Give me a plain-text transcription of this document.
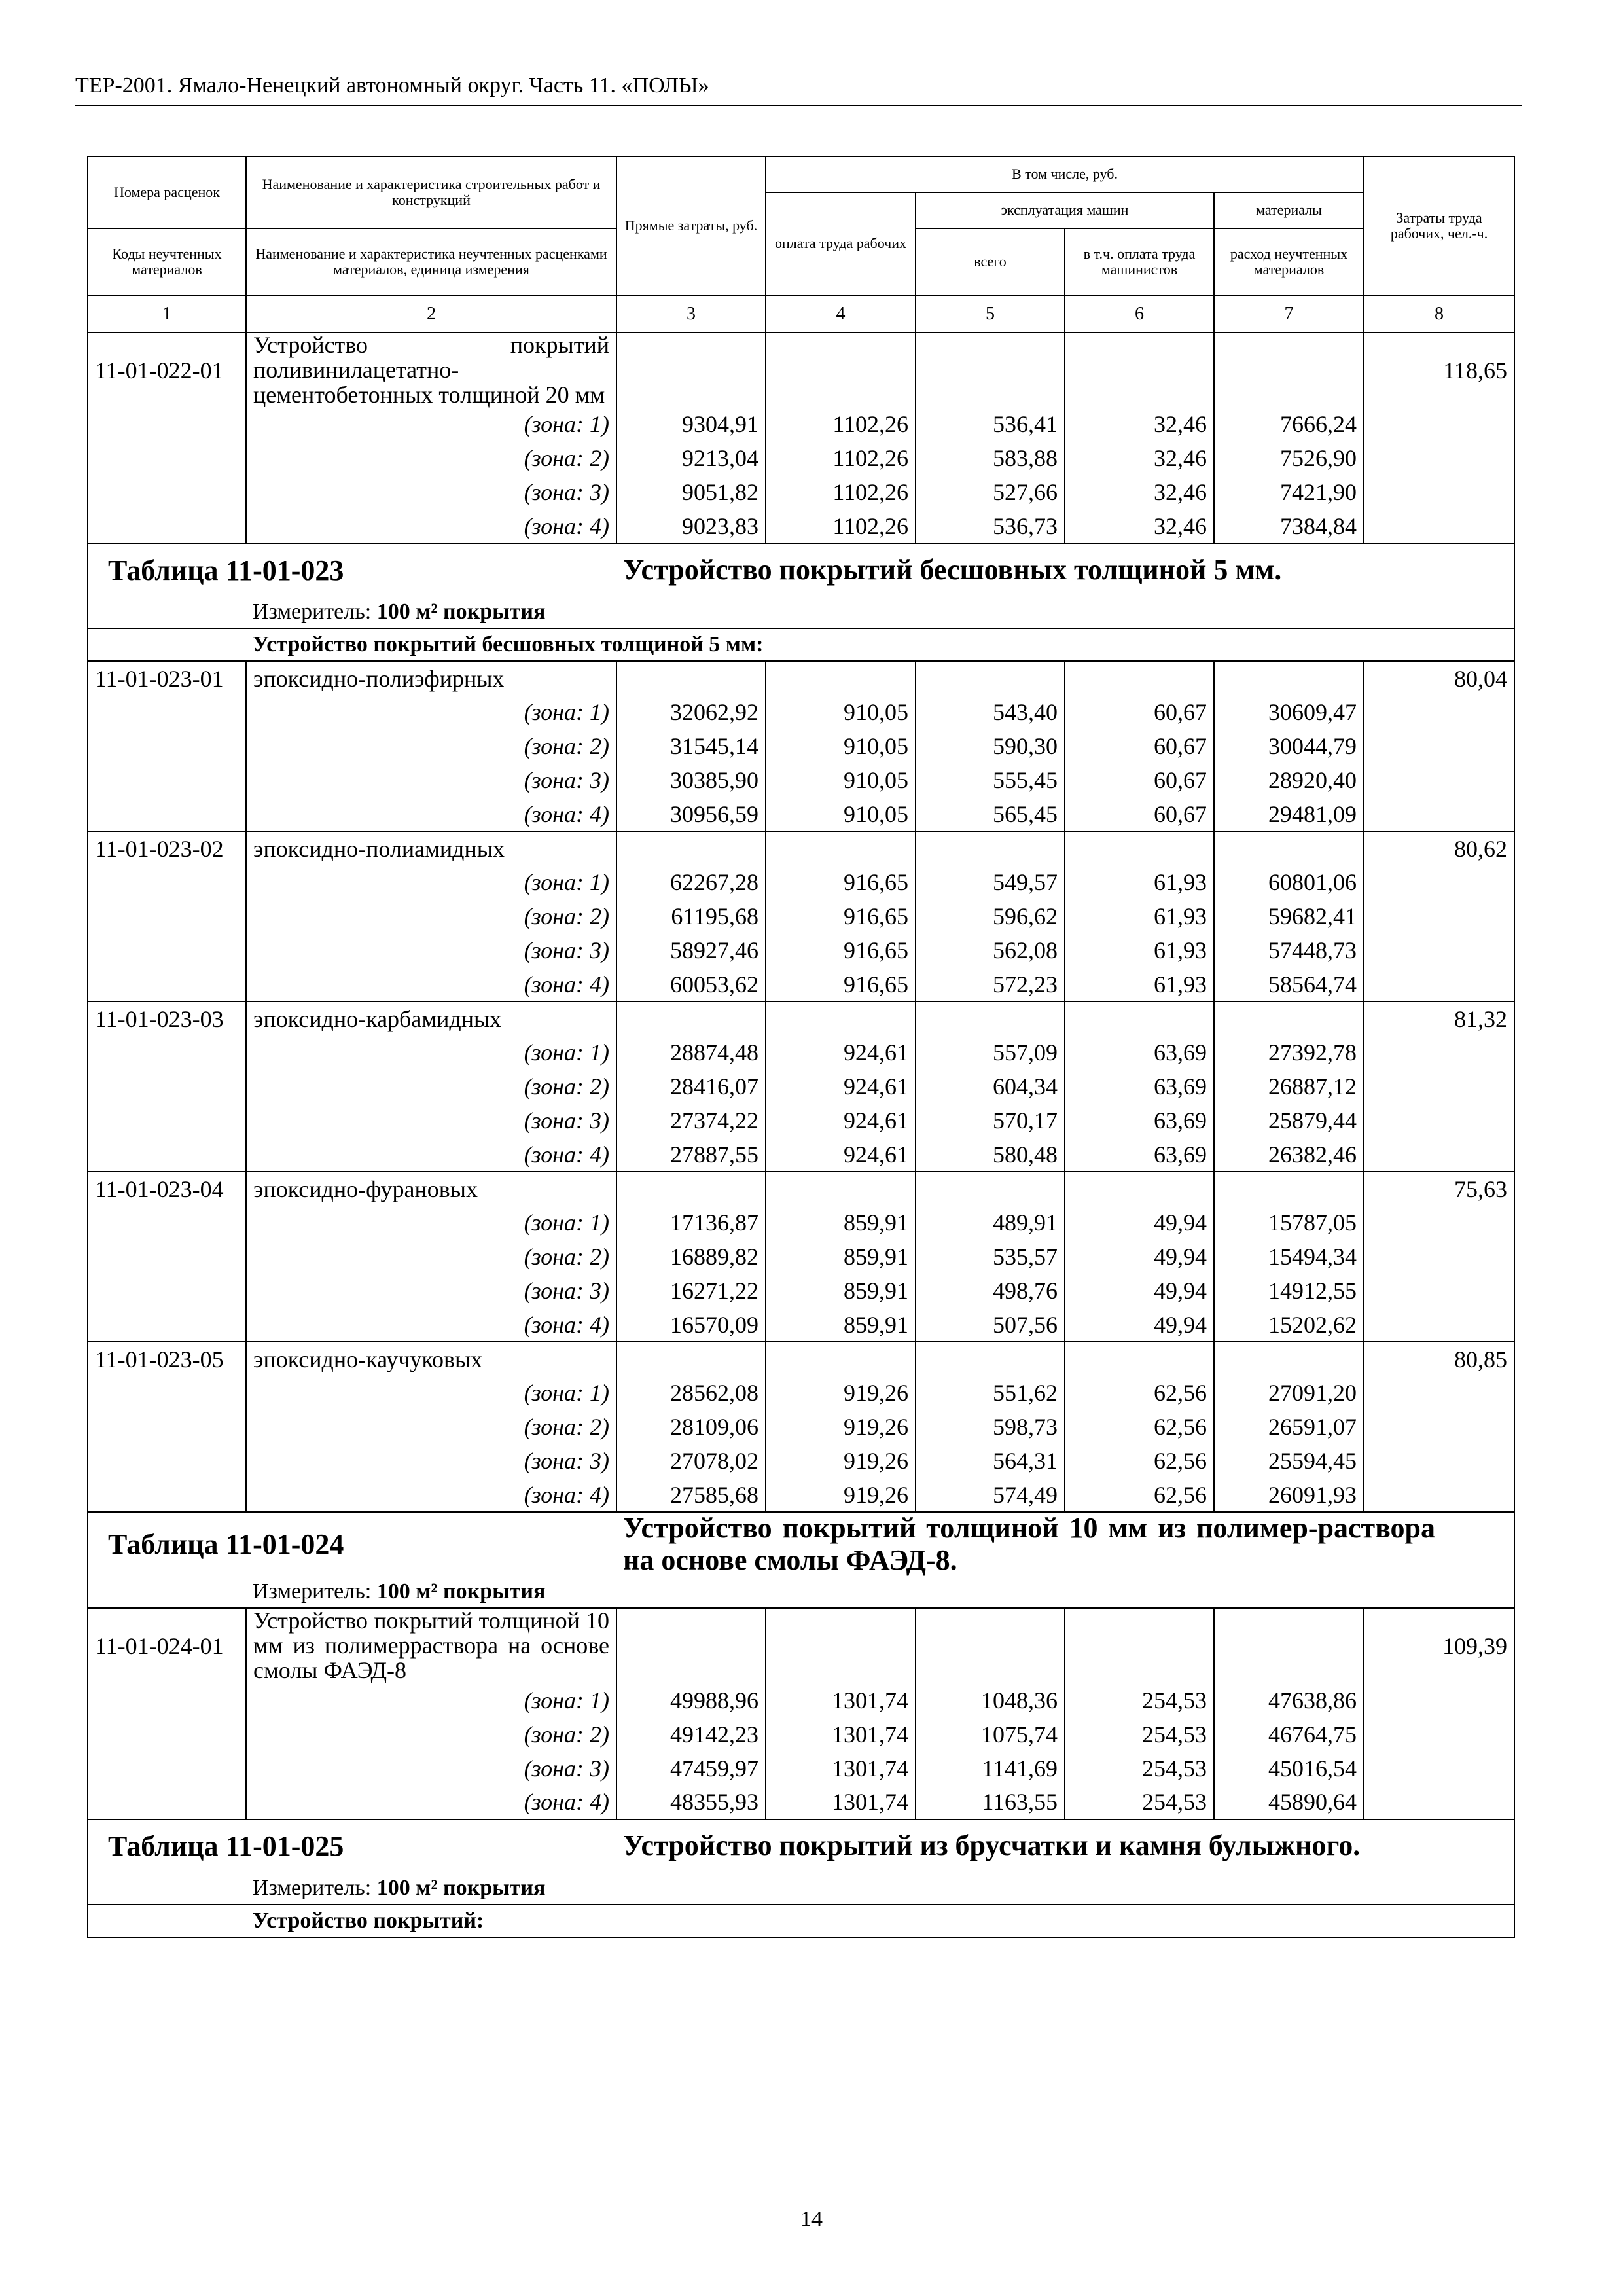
ТЕР-2001. Ямало-Ненецкий автономный округ. Часть 11. «ПОЛЫ»
Номера расценок	Наименование и характеристика строительных работ и конструкций	Прямые затраты, руб.	В том числе, руб.				Затраты труда рабочих, чел.-ч.
			оплата труда рабочих	эксплуатация машин		материалы	
Коды неучтенных материалов	Наименование и характеристика неучтенных расценками материалов, единица измерения			всего	в т.ч. оплата труда машинистов	расход неучтенных материалов	
1	2	3	4	5	6	7	8
11-01-022-01	Устройство покрытий поливинилацетатно-цементобетонных толщиной 20 мм						118,65
	(зона: 1)	9304,91	1102,26	536,41	32,46	7666,24	
	(зона: 2)	9213,04	1102,26	583,88	32,46	7526,90	
	(зона: 3)	9051,82	1102,26	527,66	32,46	7421,90	
	(зона: 4)	9023,83	1102,26	536,73	32,46	7384,84	
Таблица 11-01-023		Устройство покрытий бесшовных толщиной 5 мм.					
	Измеритель: 100 м² покрытия						
	Устройство покрытий бесшовных толщиной 5 мм:						
11-01-023-01	эпоксидно-полиэфирных						80,04
	(зона: 1)	32062,92	910,05	543,40	60,67	30609,47	
	(зона: 2)	31545,14	910,05	590,30	60,67	30044,79	
	(зона: 3)	30385,90	910,05	555,45	60,67	28920,40	
	(зона: 4)	30956,59	910,05	565,45	60,67	29481,09	
11-01-023-02	эпоксидно-полиамидных						80,62
	(зона: 1)	62267,28	916,65	549,57	61,93	60801,06	
	(зона: 2)	61195,68	916,65	596,62	61,93	59682,41	
	(зона: 3)	58927,46	916,65	562,08	61,93	57448,73	
	(зона: 4)	60053,62	916,65	572,23	61,93	58564,74	
11-01-023-03	эпоксидно-карбамидных						81,32
	(зона: 1)	28874,48	924,61	557,09	63,69	27392,78	
	(зона: 2)	28416,07	924,61	604,34	63,69	26887,12	
	(зона: 3)	27374,22	924,61	570,17	63,69	25879,44	
	(зона: 4)	27887,55	924,61	580,48	63,69	26382,46	
11-01-023-04	эпоксидно-фурановых						75,63
	(зона: 1)	17136,87	859,91	489,91	49,94	15787,05	
	(зона: 2)	16889,82	859,91	535,57	49,94	15494,34	
	(зона: 3)	16271,22	859,91	498,76	49,94	14912,55	
	(зона: 4)	16570,09	859,91	507,56	49,94	15202,62	
11-01-023-05	эпоксидно-каучуковых						80,85
	(зона: 1)	28562,08	919,26	551,62	62,56	27091,20	
	(зона: 2)	28109,06	919,26	598,73	62,56	26591,07	
	(зона: 3)	27078,02	919,26	564,31	62,56	25594,45	
	(зона: 4)	27585,68	919,26	574,49	62,56	26091,93	
Таблица 11-01-024		Устройство покрытий толщиной 10 мм из полимер-раствора на основе смолы ФАЭД-8.					
	Измеритель: 100 м² покрытия						
11-01-024-01	Устройство покрытий толщиной 10 мм из полимерраствора на основе смолы ФАЭД-8						109,39
	(зона: 1)	49988,96	1301,74	1048,36	254,53	47638,86	
	(зона: 2)	49142,23	1301,74	1075,74	254,53	46764,75	
	(зона: 3)	47459,97	1301,74	1141,69	254,53	45016,54	
	(зона: 4)	48355,93	1301,74	1163,55	254,53	45890,64	
Таблица 11-01-025		Устройство покрытий из брусчатки и камня булыжного.					
	Измеритель: 100 м² покрытия						
	Устройство покрытий:						
14
